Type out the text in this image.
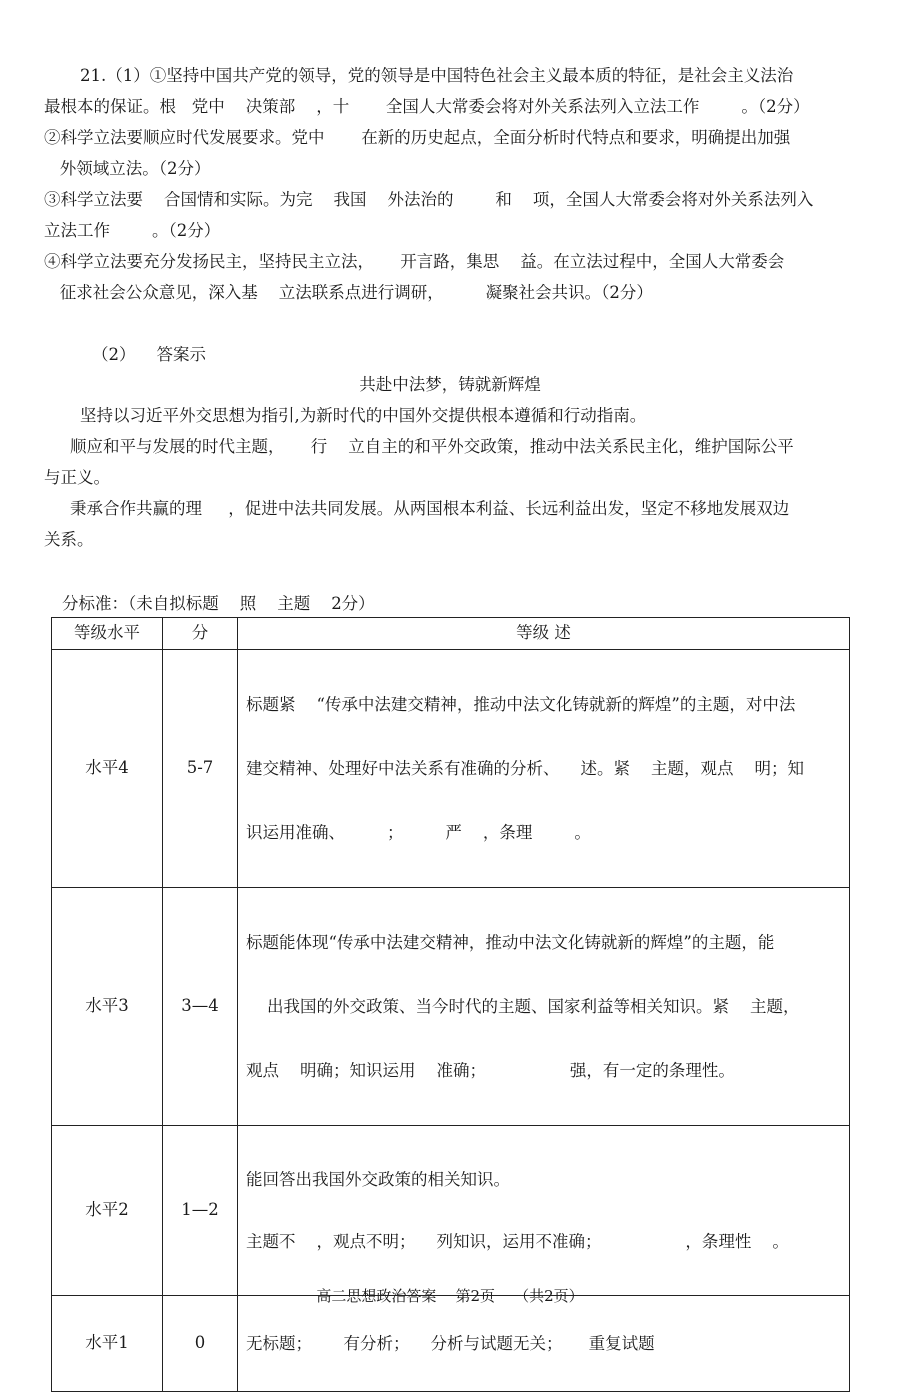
21.（1）①坚持中国共产党的领导，党的领导是中国特色社会主义最本质的特征，是社会主义法治
最根本的保证。根   党中    决策部    ，十       全国人大常委会将对外关系法列入立法工作        。（2分）
②科学立法要顺应时代发展要求。党中       在新的历史起点，全面分析时代特点和要求，明确提出加强
外领域立法。（2分）
③科学立法要    合国情和实际。为完    我国    外法治的        和    项，全国人大常委会将对外关系法列入
立法工作        。（2分）
④科学立法要充分发扬民主，坚持民主立法，     开言路，集思    益。在立法过程中，全国人大常委会
征求社会公众意见，深入基    立法联系点进行调研，        凝聚社会共识。（2分）
（2）    答案示
共赴中法梦，铸就新辉煌
坚持以习近平外交思想为指引,为新时代的中国外交提供根本遵循和行动指南。
顺应和平与发展的时代主题，     行    立自主的和平外交政策，推动中法关系民主化，维护国际公平
与正义。
秉承合作共赢的理     ，促进中法共同发展。从两国根本利益、长远利益出发，坚定不移地发展双边
关系。
分标准：（未自拟标题    照    主题    2分）
等级水平	分	等级 述
水平4	5-7	标题紧    “传承中法建交精神，推动中法文化铸就新的辉煌”的主题，对中法

建交精神、处理好中法关系有准确的分析、    述。紧    主题，观点    明；知

识运用准确、        ；        严    ，条理        。

水平3	3—4	标题能体现“传承中法建交精神，推动中法文化铸就新的辉煌”的主题，能

出我国的外交政策、当今时代的主题、国家利益等相关知识。紧    主题，

观点    明确；知识运用    准确；                强，有一定的条理性。

水平2	1—2	能回答出我国外交政策的相关知识。

主题不    ，观点不明；    列知识，运用不准确；                ，条理性    。

水平1	0	无标题；      有分析；    分析与试题无关；     重复试题

高二思想政治答案    第2页    （共2页）
